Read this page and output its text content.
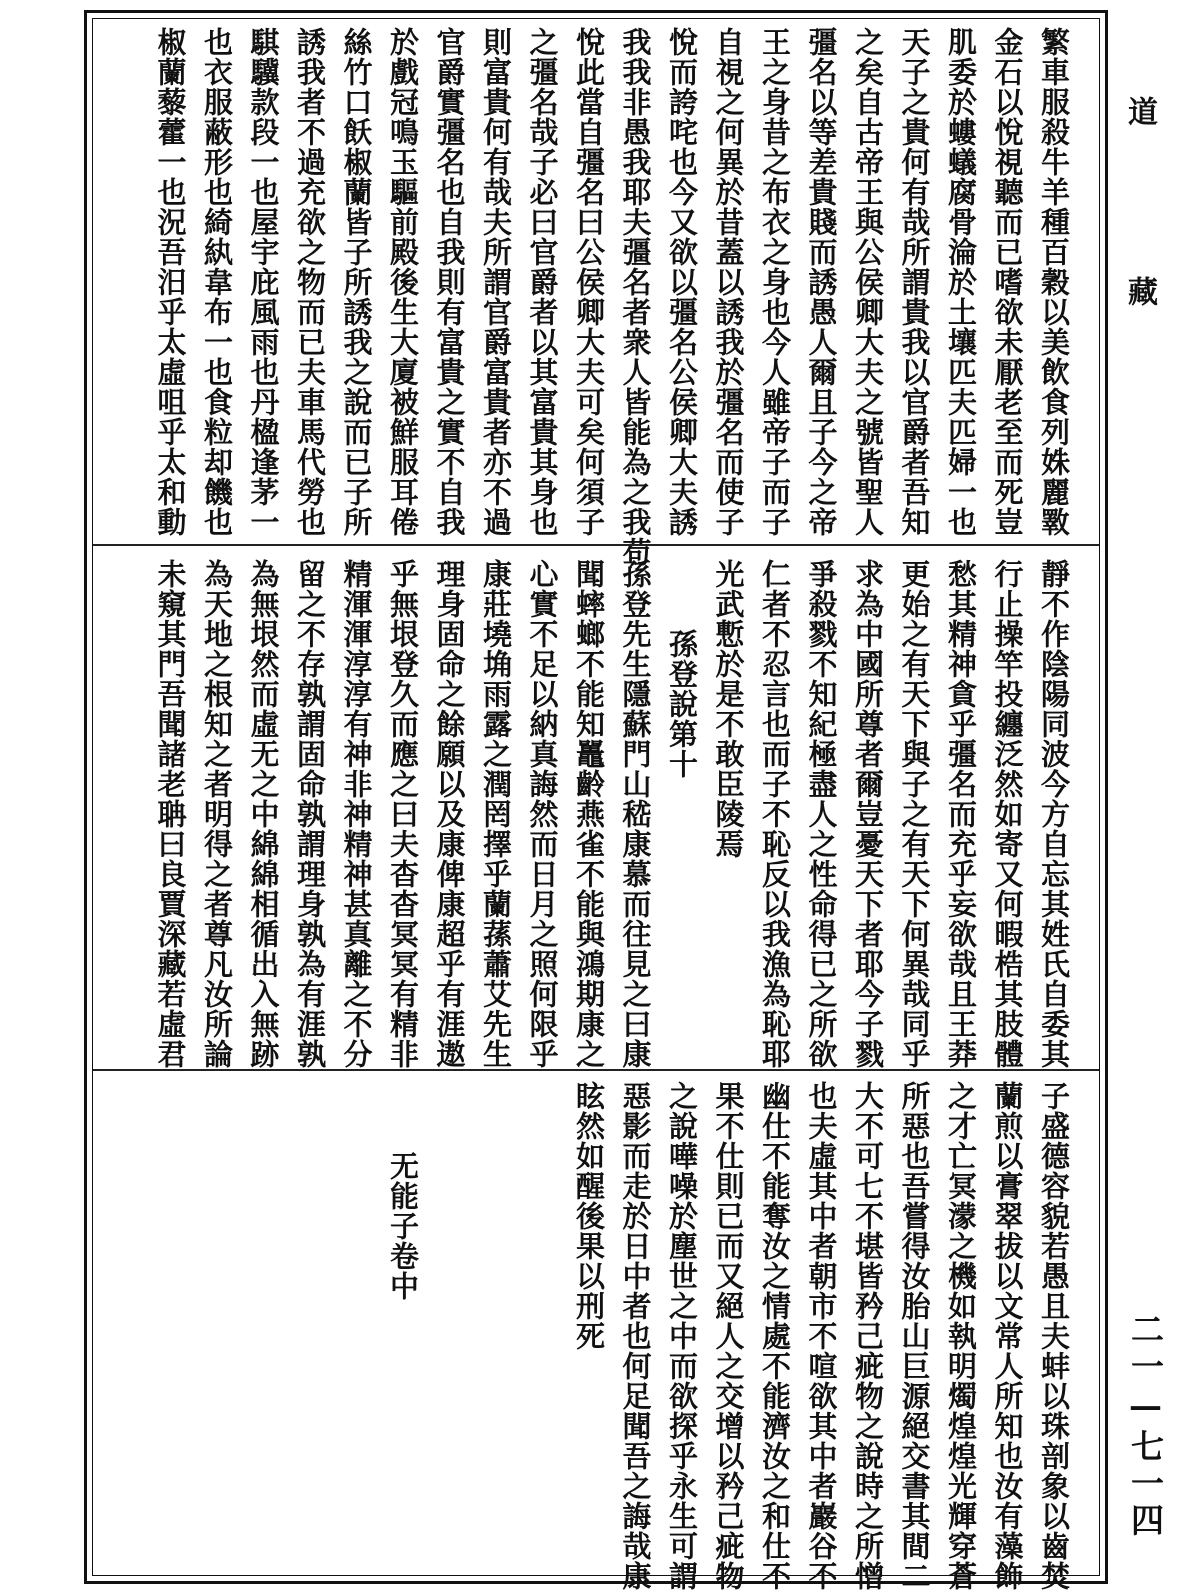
道藏
二一—七一四
繁車服殺牛羊種百穀以美飲食列姝麗斁
金石以悅視聽而已嗜欲未厭老至而死豈
肌委於螻蟻腐骨淪於土壤匹夫匹婦一也
天子之貴何有哉所謂貴我以官爵者吾知
之矣自古帝王與公侯卿大夫之號皆聖人
彊名以等差貴賤而誘愚人爾且子今之帝
王之身昔之布衣之身也今人雖帝子而子
自視之何異於昔蓋以誘我於彊名而使子
悅而誇咤也今又欲以彊名公侯卿大夫誘
我我非愚我耶夫彊名者衆人皆能為之我苟
悅此當自彊名曰公侯卿大夫可矣何須子
之彊名哉子必曰官爵者以其富貴其身也
則富貴何有哉夫所謂官爵富貴者亦不過
官爵實彊名也自我則有富貴之實不自我
於戲冠鳴玉驅前殿後生大廈被鮮服耳倦
絲竹口飫椒蘭皆子所誘我之說而已子所
誘我者不過充欲之物而已夫車馬代勞也
騏驥款段一也屋宇庇風雨也丹楹逢茅一
也衣服蔽形也綺紈韋布一也食粒却饑也
椒蘭藜藿一也況吾汨乎太虛咀乎太和動
靜不作陰陽同波今方自忘其姓氏自委其
行止操竿投纏泛然如寄又何暇梏其肢體
愁其精神貪乎彊名而充乎妄欲哉且王莽
更始之有天下與子之有天下何異哉同乎
求為中國所尊者爾豈憂天下者耶今子戮
爭殺戮不知紀極盡人之性命得已之所欲
仁者不忍言也而子不恥反以我漁為恥耶
光武慙於是不敢臣陵焉
孫登說第十
孫登先生隱蘇門山嵇康慕而往見之曰康
聞蟀螂不能知鼉齡燕雀不能與鴻期康之
心實不足以納真誨然而日月之照何限乎
康莊墝埆雨露之潤罔擇乎蘭蓀蕭艾先生
理身固命之餘願以及康俾康超乎有涯遨
乎無垠登久而應之曰夫杳杳冥冥有精非
精渾渾淳淳有神非神精神甚真離之不分
留之不存孰謂固命孰謂理身孰為有涯孰
為無垠然而虛无之中綿綿相循出入無跡
為天地之根知之者明得之者尊凡汝所論
未窺其門吾聞諸老聃曰良賈深藏若虛君
子盛德容貌若愚且夫蚌以珠剖象以齒焚
蘭煎以膏翠拔以文常人所知也汝有藻飾
之才亡冥濛之機如執明燭煌煌光輝穿蒼
所惡也吾嘗得汝胎山巨源絕交書其間二
大不可七不堪皆矜己疵物之說時之所憎
也夫虛其中者朝市不喧欲其中者巖谷不
幽仕不能奪汝之情處不能濟汝之和仕不
果不仕則已而又絕人之交增以矜己疵物
之說嘩噪於塵世之中而欲探乎永生可謂
惡影而走於日中者也何足聞吾之誨哉康
眩然如醒後果以刑死
无能子卷中
